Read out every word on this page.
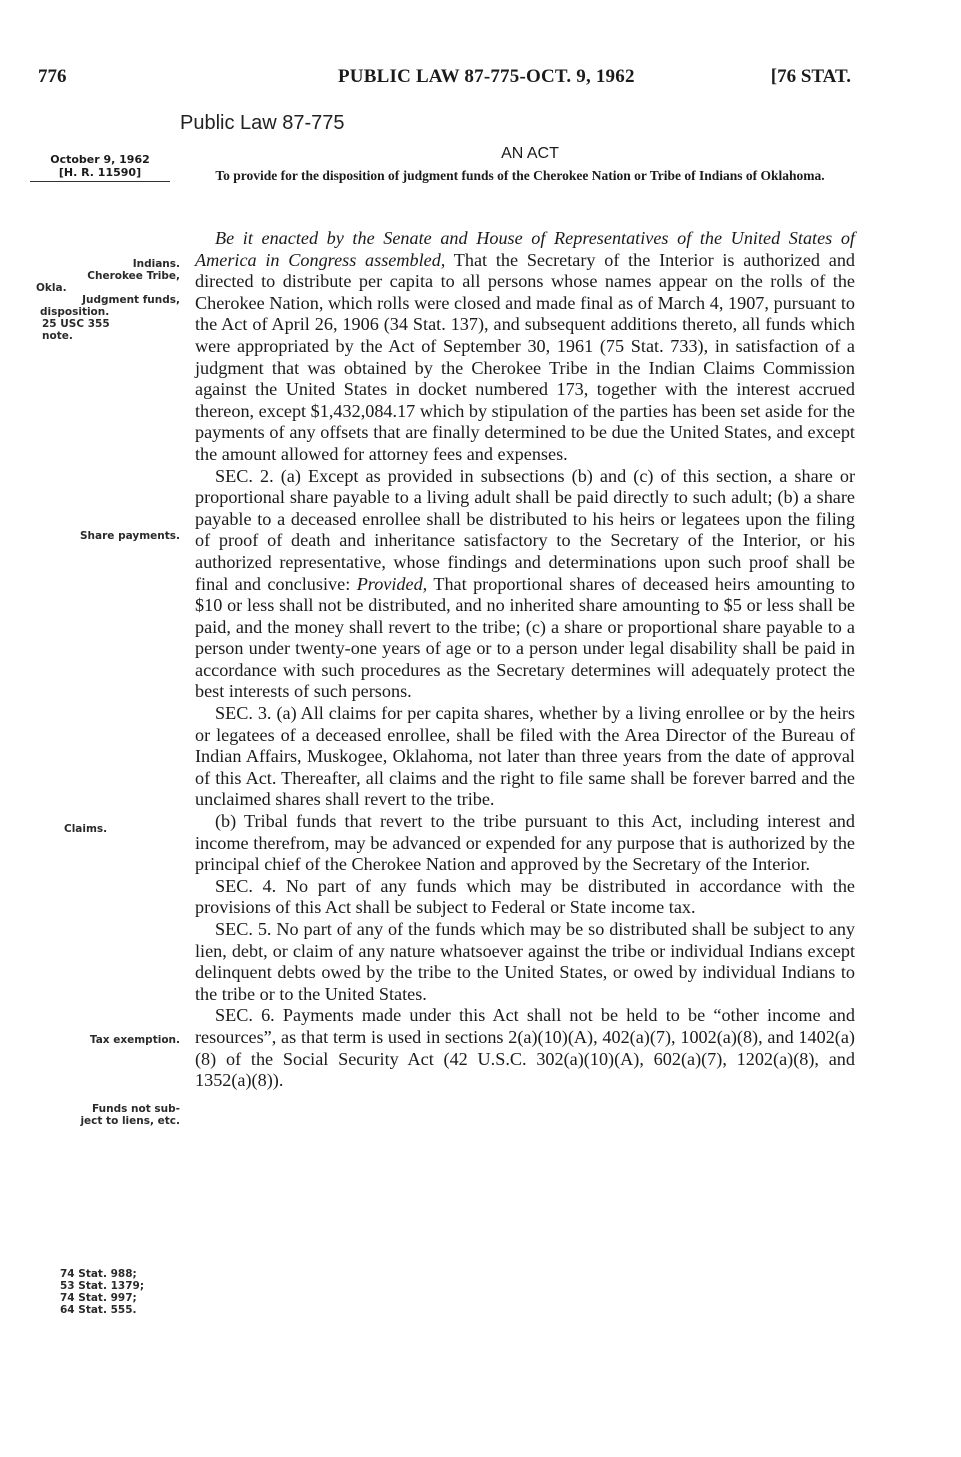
776	PUBLIC LAW 87-775-OCT. 9, 1962	[76 STAT.
October 9, 1962
[H. R. 11590]
Public Law 87-775
AN ACT
To provide for the disposition of judgment funds of the Cherokee Nation or Tribe of Indians of Oklahoma.
Indians.
Cherokee Tribe,
Okla.
Judgment funds,
disposition.
25 USC 355
note.
Share payments.
Claims.
Tax exemption.
Funds not sub-
ject to liens, etc.
74 Stat. 988;
53 Stat. 1379;
74 Stat. 997;
64 Stat. 555.

Be it enacted by the Senate and House of Representatives of the United States of America in Congress assembled, That the Secretary of the Interior is authorized and directed to distribute per capita to all persons whose names appear on the rolls of the Cherokee Nation, which rolls were closed and made final as of March 4, 1907, pursuant to the Act of April 26, 1906 (34 Stat. 137), and subsequent additions thereto, all funds which were appropriated by the Act of September 30, 1961 (75 Stat. 733), in satisfaction of a judgment that was obtained by the Cherokee Tribe in the Indian Claims Commission against the United States in docket numbered 173, together with the interest accrued thereon, except $1,432,084.17 which by stipulation of the parties has been set aside for the payments of any offsets that are finally determined to be due the United States, and except the amount allowed for attorney fees and expenses.

SEC. 2. (a) Except as provided in subsections (b) and (c) of this section, a share or proportional share payable to a living adult shall be paid directly to such adult; (b) a share payable to a deceased enrollee shall be distributed to his heirs or legatees upon the filing of proof of death and inheritance satisfactory to the Secretary of the Interior, or his authorized representative, whose findings and determinations upon such proof shall be final and conclusive: Provided, That proportional shares of deceased heirs amounting to $10 or less shall not be distributed, and no inherited share amounting to $5 or less shall be paid, and the money shall revert to the tribe; (c) a share or proportional share payable to a person under twenty-one years of age or to a person under legal disability shall be paid in accordance with such procedures as the Secretary determines will adequately protect the best interests of such persons.

SEC. 3. (a) All claims for per capita shares, whether by a living enrollee or by the heirs or legatees of a deceased enrollee, shall be filed with the Area Director of the Bureau of Indian Affairs, Muskogee, Oklahoma, not later than three years from the date of approval of this Act. Thereafter, all claims and the right to file same shall be forever barred and the unclaimed shares shall revert to the tribe.

(b) Tribal funds that revert to the tribe pursuant to this Act, including interest and income therefrom, may be advanced or expended for any purpose that is authorized by the principal chief of the Cherokee Nation and approved by the Secretary of the Interior.

SEC. 4. No part of any funds which may be distributed in accordance with the provisions of this Act shall be subject to Federal or State income tax.

SEC. 5. No part of any of the funds which may be so distributed shall be subject to any lien, debt, or claim of any nature whatsoever against the tribe or individual Indians except delinquent debts owed by the tribe to the United States, or owed by individual Indians to the tribe or to the United States.

SEC. 6. Payments made under this Act shall not be held to be “other income and resources”, as that term is used in sections 2(a)(10)(A), 402(a)(7), 1002(a)(8), and 1402(a)(8) of the Social Security Act (42 U.S.C. 302(a)(10)(A), 602(a)(7), 1202(a)(8), and 1352(a)(8)).
